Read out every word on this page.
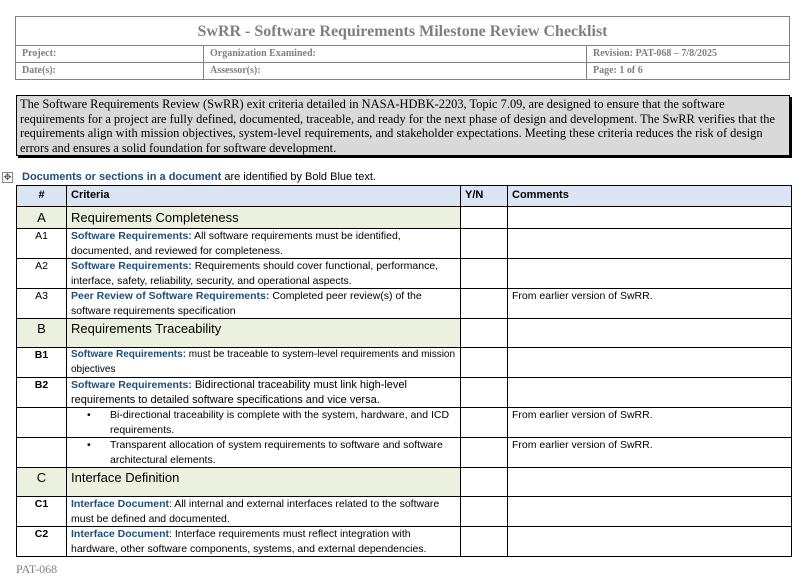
SwRR - Software Requirements Milestone Review Checklist
Project:	Organization Examined:	Revision: PAT-068 – 7/8/2025
Date(s):	Assessor(s):	Page: 1 of 6
The Software Requirements Review (SwRR) exit criteria detailed in NASA-HDBK-2203, Topic 7.09, are designed to ensure that the software requirements for a project are fully defined, documented, traceable, and ready for the next phase of design and development. The SwRR verifies that the requirements align with mission objectives, system-level requirements, and stakeholder expectations. Meeting these criteria reduces the risk of design errors and ensures a solid foundation for software development.
✥ Documents or sections in a document are identified by Bold Blue text.
#	Criteria	Y/N	Comments
A	Requirements Completeness		
A1	Software Requirements: All software requirements must be identified, documented, and reviewed for completeness.		
A2	Software Requirements: Requirements should cover functional, performance, interface, safety, reliability, security, and operational aspects.		
A3	Peer Review of Software Requirements: Completed peer review(s) of the software requirements specification		From earlier version of SwRR.
B	Requirements Traceability		
B1	Software Requirements: must be traceable to system-level requirements and mission objectives		
B2	Software Requirements: Bidirectional traceability must link high-level requirements to detailed software specifications and vice versa.		

	• Bi-directional traceability is complete with the system, hardware, and ICD requirements.		From earlier version of SwRR.

	• Transparent allocation of system requirements to software and software architectural elements.		From earlier version of SwRR.
C	Interface Definition		
C1	Interface Document: All internal and external interfaces related to the software must be defined and documented.		
C2	Interface Document: Interface requirements must reflect integration with hardware, other software components, systems, and external dependencies.		
PAT-068
